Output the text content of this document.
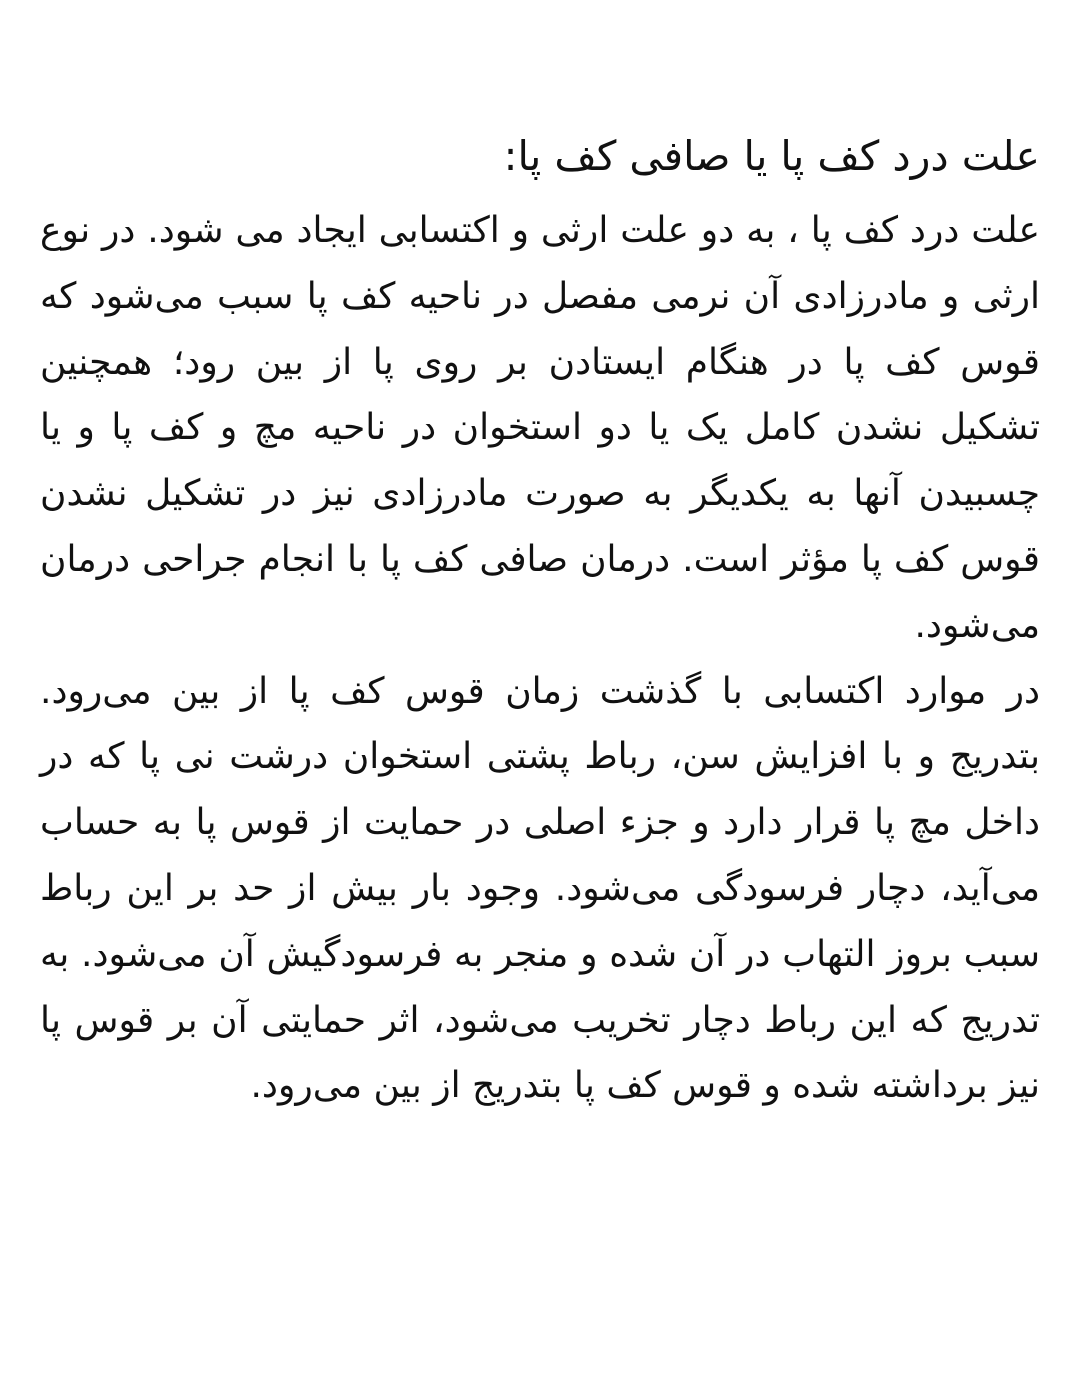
علت درد کف پا یا صافی کف پا:

علت درد کف پا ، به دو علت ارثی و اکتسابی ایجاد می شود. در نوع ارثی و مادرزادی آن نرمی مفصل در ناحیه کف پا سبب می‌شود که قوس کف پا در هنگام ایستادن بر روی پا از بین رود؛ همچنین تشکیل نشدن کامل یک یا دو استخوان در ناحیه مچ و کف پا و یا چسبیدن آنها به یکدیگر به صورت مادرزادی نیز در تشکیل نشدن قوس کف پا مؤثر است. درمان صافی کف پا با انجام جراحی درمان می‌شود.

در موارد اکتسابی با گذشت زمان قوس کف پا از بین می‌رود. بتدریج و با افزایش سن، رباط پشتی استخوان درشت نی پا که در داخل مچ پا قرار دارد و جزء اصلی در حمایت از قوس پا به حساب می‌آید، دچار فرسودگی می‌شود. وجود بار بیش از حد بر این رباط سبب بروز التهاب در آن شده و منجر به فرسودگیش آن می‌شود. به تدریج که این رباط دچار تخریب می‌شود، اثر حمایتی آن بر قوس پا نیز برداشته شده و قوس کف پا بتدریج از بین می‌رود.
